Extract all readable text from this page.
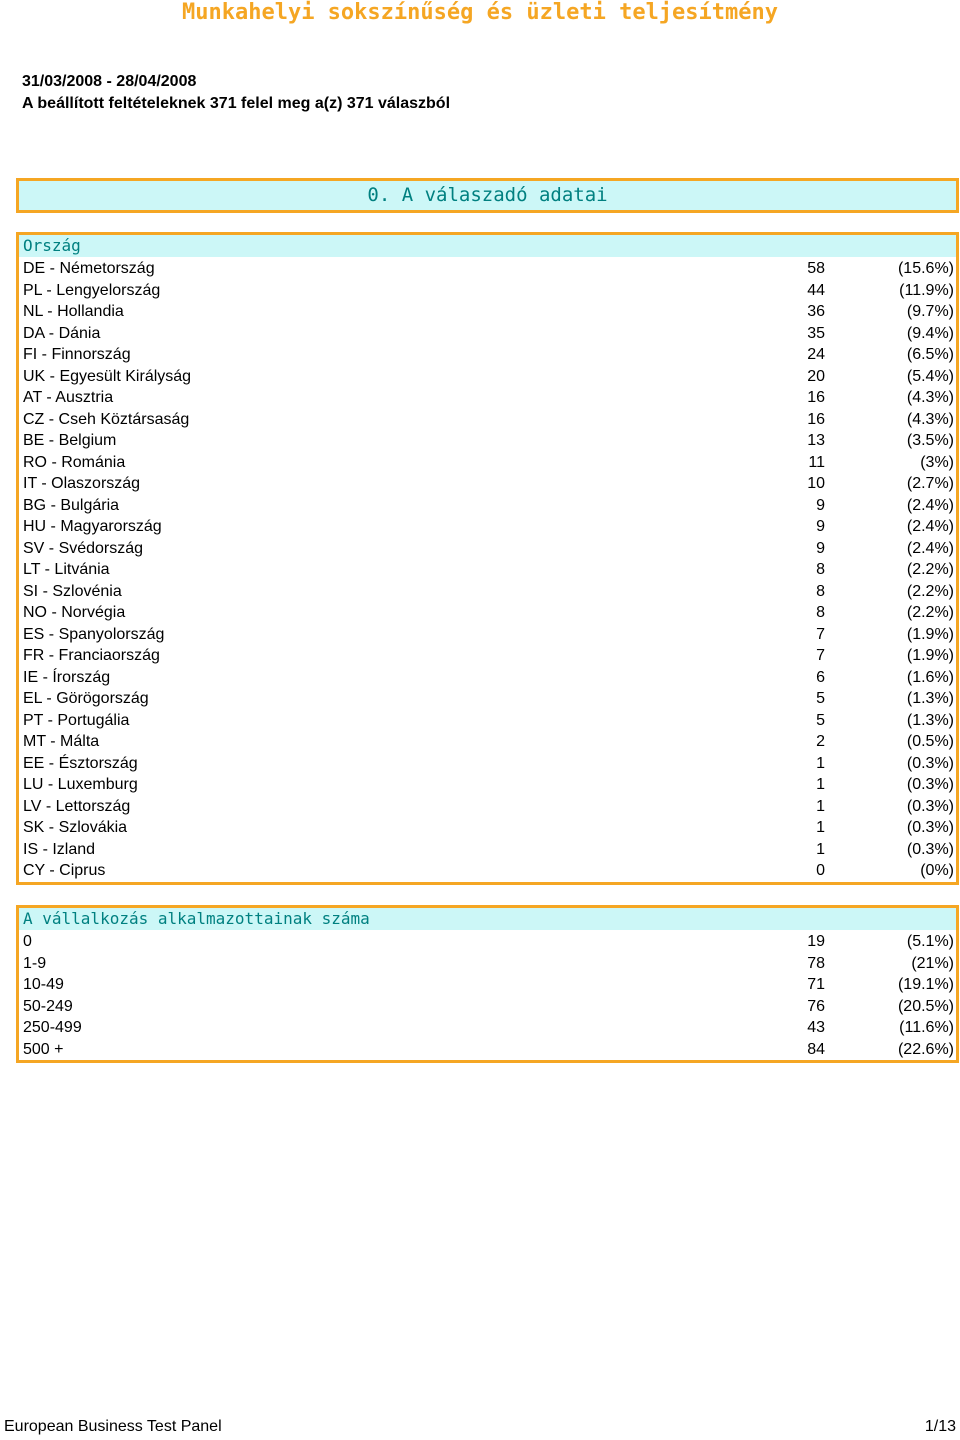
Munkahelyi sokszínűség és üzleti teljesítmény
31/03/2008 - 28/04/2008
A beállított feltételeknek 371 felel meg a(z) 371 válaszból
0. A válaszadó adatai
Ország
DE - Németország	58	(15.6%)
PL - Lengyelország	44	(11.9%)
NL - Hollandia	36	(9.7%)
DA - Dánia	35	(9.4%)
FI - Finnország	24	(6.5%)
UK - Egyesült Királyság	20	(5.4%)
AT - Ausztria	16	(4.3%)
CZ - Cseh Köztársaság	16	(4.3%)
BE - Belgium	13	(3.5%)
RO - Románia	11	(3%)
IT - Olaszország	10	(2.7%)
BG - Bulgária	9	(2.4%)
HU - Magyarország	9	(2.4%)
SV - Svédország	9	(2.4%)
LT - Litvánia	8	(2.2%)
SI - Szlovénia	8	(2.2%)
NO - Norvégia	8	(2.2%)
ES - Spanyolország	7	(1.9%)
FR - Franciaország	7	(1.9%)
IE - Írország	6	(1.6%)
EL - Görögország	5	(1.3%)
PT - Portugália	5	(1.3%)
MT - Málta	2	(0.5%)
EE - Észtország	1	(0.3%)
LU - Luxemburg	1	(0.3%)
LV - Lettország	1	(0.3%)
SK - Szlovákia	1	(0.3%)
IS - Izland	1	(0.3%)
CY - Ciprus	0	(0%)
A vállalkozás alkalmazottainak száma
0	19	(5.1%)
1-9	78	(21%)
10-49	71	(19.1%)
50-249	76	(20.5%)
250-499	43	(11.6%)
500 +	84	(22.6%)
European Business Test Panel	1/13
